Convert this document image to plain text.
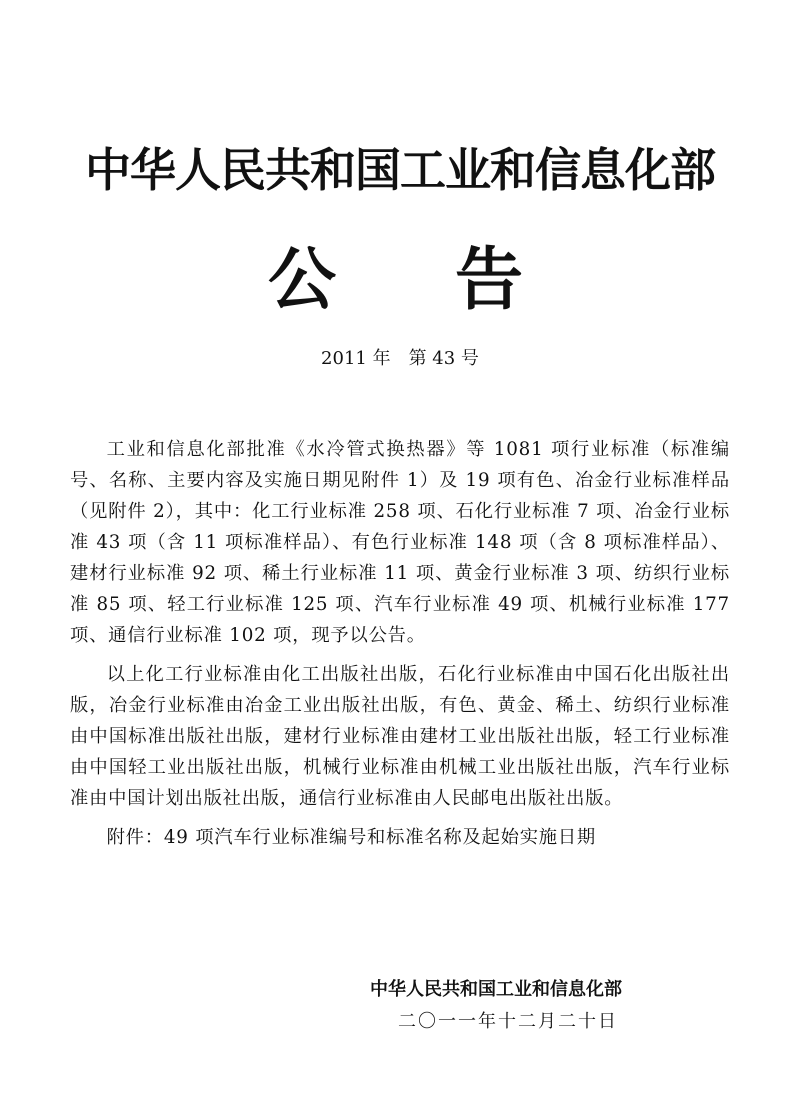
中华人民共和国工业和信息化部
公 告
2011 年　第 43 号

工业和信息化部批准《水冷管式换热器》等 1081 项行业标准（标准编号、名称、主要内容及实施日期见附件 1）及 19 项有色、冶金行业标准样品（见附件 2），其中：化工行业标准 258 项、石化行业标准 7 项、冶金行业标准 43 项（含 11 项标准样品）、有色行业标准 148 项（含 8 项标准样品）、建材行业标准 92 项、稀土行业标准 11 项、黄金行业标准 3 项、纺织行业标准 85 项、轻工行业标准 125 项、汽车行业标准 49 项、机械行业标准 177 项、通信行业标准 102 项，现予以公告。

以上化工行业标准由化工出版社出版，石化行业标准由中国石化出版社出版，冶金行业标准由冶金工业出版社出版，有色、黄金、稀土、纺织行业标准由中国标准出版社出版，建材行业标准由建材工业出版社出版，轻工行业标准由中国轻工业出版社出版，机械行业标准由机械工业出版社出版，汽车行业标准由中国计划出版社出版，通信行业标准由人民邮电出版社出版。

附件：49 项汽车行业标准编号和标准名称及起始实施日期

中华人民共和国工业和信息化部
二〇一一年十二月二十日
